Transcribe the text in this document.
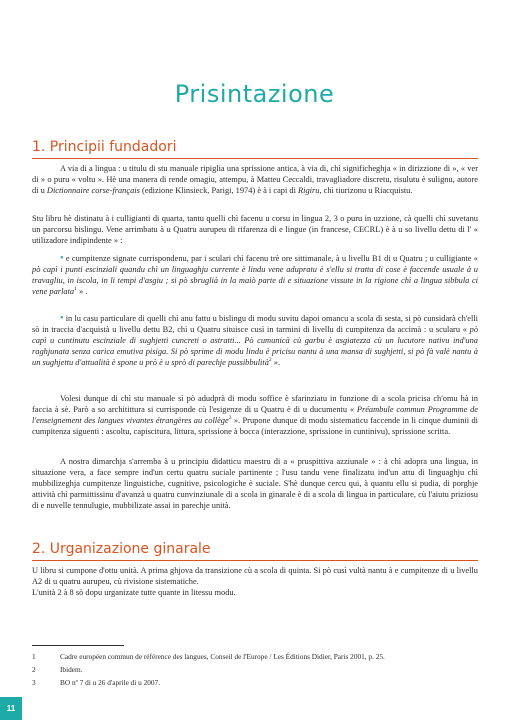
Prisintazione
1. Principii fundadori

A via di a lingua : u titulu di stu manuale ripiglia una sprissione antica, à via di, chì significheghja « in dirizzione di », « ver di » o puru « voltu ». Hè una manera di rende omagiu, attempu, à Matteu Ceccaldi, travagliadore discretu, risulutu è sulignu, autore di u Dictionnaire corse-français (edizione Klinsieck, Parigi, 1974) è à i capi di Rigiru, chì tiurizonu u Riacquistu.

Stu libru hè distinatu à i culligianti di quarta, tantu quelli chì facenu u corsu in lingua 2, 3 o puru in uzzione, cà quelli chì suvetanu un parcorsu bislingu. Vene arrimbatu à u Quatru aurupeu di rifarenza di e lingue (in francese, CECRL) è à u so livellu dettu di l' « utilizadore indipindente » :

• e cumpitenze signate currispondenu, par i sculari chì facenu trè ore sittimanale, à u livellu B1 di u Quatru ; u culligiante « pò capì i punti escinziali quandu chì un linguaghju currente è lindu vene adupratu è s'ellu si tratta di cose è faccende usuale à u travagliu, in iscola, in li tempi d'asgiu ; si pò sbruglià in la maiò parte di e situazione vissute in la rigione chì a lingua sibbula ci vene parlata$^1$ » .

• in lu casu particulare di quelli chì anu fattu u bislingu di modu suvitu dapoi omancu a scola di sesta, si pò cunsidarà ch'elli sò in traccia d'acquistà u livellu dettu B2, chì u Quatru situisce cusì in tarmini di livellu di cumpitenza da accimà : u scularu « pò capì u cuntinutu escinziale di sughjetti cuncreti o astratti... Pò cumunicà cù garbu è asgiatezza cù un lucutore nativu ind'una raghjunata senza carica emutiva pisiga. Si pò sprime di modu lindu è pricisu nantu à una mansa di sughjetti, si pò fà valè nantu à un sughjettu d'attualità è spone u prò è u sprò di parechje pussibbulità$^2$ ».

Volesi dunque di chì stu manuale sì pò adudprà di modu soffice è sfarinziatu in funzione di a scola pricisa ch'omu hà in faccia à sè. Parò a so architittura si currisponde cù l'esigenze di u Quatru è di u ducumentu « Préambule commun Programme de l'enseignement des langues vivantes étrangères au collège$^3$ ». Prupone dunque di modu sistematicu faccende in li cinque duminii di cumpitenza siguenti : ascoltu, capiscitura, littura, sprissione à bocca (interazzione, sprissione in cuntinivu), sprissione scritta.

A nostra dimarchja s'arremba à u principiu didatticu maestru di a « pruspittiva azziunale » : à chì adopra una lingua, in situazione vera, a face sempre ind'un certu quatru suciale partinente ; l'usu tandu vene finalizatu ind'un attu di linguaghju chì mubbilizeghja cumpitenze linguistiche, cugnitive, psicologiche è suciale. S'hè dunque cercu qui, à quantu ellu si pudia, di porghje attività chì parmittissinu d'avanzà u quatru cunvinziunale di a scola in ginarale è di a scola di lingua in particulare, cù l'aiutu priziosu di e nuvelle tennulugie, mubbilizate assai in parechje unità.

2. Urganizazione ginarale

U libru si cumpone d'ottu unità. A prima ghjova da transizione cù a scola di quinta. Si pò cusì vultà nantu à e cumpitenze di u livellu A2 di u quatru aurupeu, cù rivisione sistematiche.

L'unità 2 à 8 sò dopu urganizate tutte quante in litessu modu.

1	Cadre européen commun de référence des langues, Conseil de l'Europe / Les Éditions Didier, Paris 2001, p. 25.
2	Ibidem.
3	BO nº 7 di u 26 d'aprile di u 2007.
11
